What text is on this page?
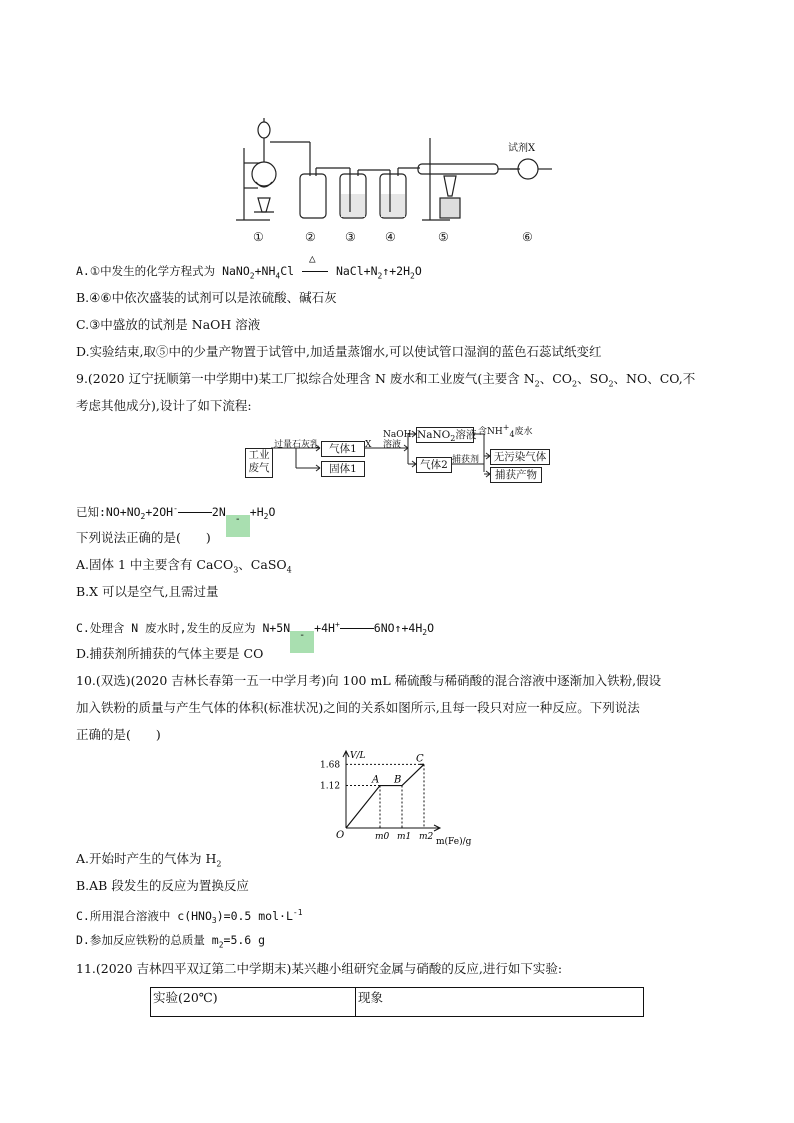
试剂X
①	② ③ ④	⑤	⑥
A.①中发生的化学方程式为 $NaNO_2+NH_4Cl$
△
$NaCl+N_2↑+2H_2O$
B.④⑥中依次盛装的试剂可以是浓硫酸、碱石灰
C.③中盛放的试剂是 NaOH 溶液
D.实验结束,取⑤中的少量产物置于试管中,加适量蒸馏水,可以使试管口湿润的蓝色石蕊试纸变红
9.(2020 辽宁抚顺第一中学期中)某工厂拟综合处理含 N 废水和工业废气(主要含 $N_2$、$CO_2$、$SO_2$、NO、CO,不
考虑其他成分),设计了如下流程:
工业
废气
过量石灰乳 气体1
固体1
X
NaOH
溶液
NaNO$_2$溶液 含$NH^+_4$废水
气体2 捕获剂	无污染气体
捕获产物
已知$:NO+NO_2+2OH^-$	$2N-+H_2O$
下列说法正确的是(　　)
A.固体 1 中主要含有 CaCO$_3$、CaSO$_4$
B.X 可以是空气,且需过量
C.处理含 N 废水时,发生的反应为 N+5N-+4H+	$6NO↑+4H_2O$
D.捕获剂所捕获的气体主要是 CO
10.(双选)(2020 吉林长春第一五一中学月考)向 100 mL 稀硫酸与稀硝酸的混合溶液中逐渐加入铁粉,假设
加入铁粉的质量与产生气体的体积(标准状况)之间的关系如图所示,且每一段只对应一种反应。下列说法
正确的是(　　)
V/L
m(Fe)/g
O
1.68
1.12
m0 m1 m2
A B
C
A.开始时产生的气体为 $H_2$
B.AB 段发生的反应为置换反应
C.所用混合溶液中 $c(HNO_3)=0.5$ $mol\cdot L^{-1}$
D.参加反应铁粉的总质量 $m_2=5.6$ g
11.(2020 吉林四平双辽第二中学期末)某兴趣小组研究金属与硝酸的反应,进行如下实验:
实验(20℃)	现象
